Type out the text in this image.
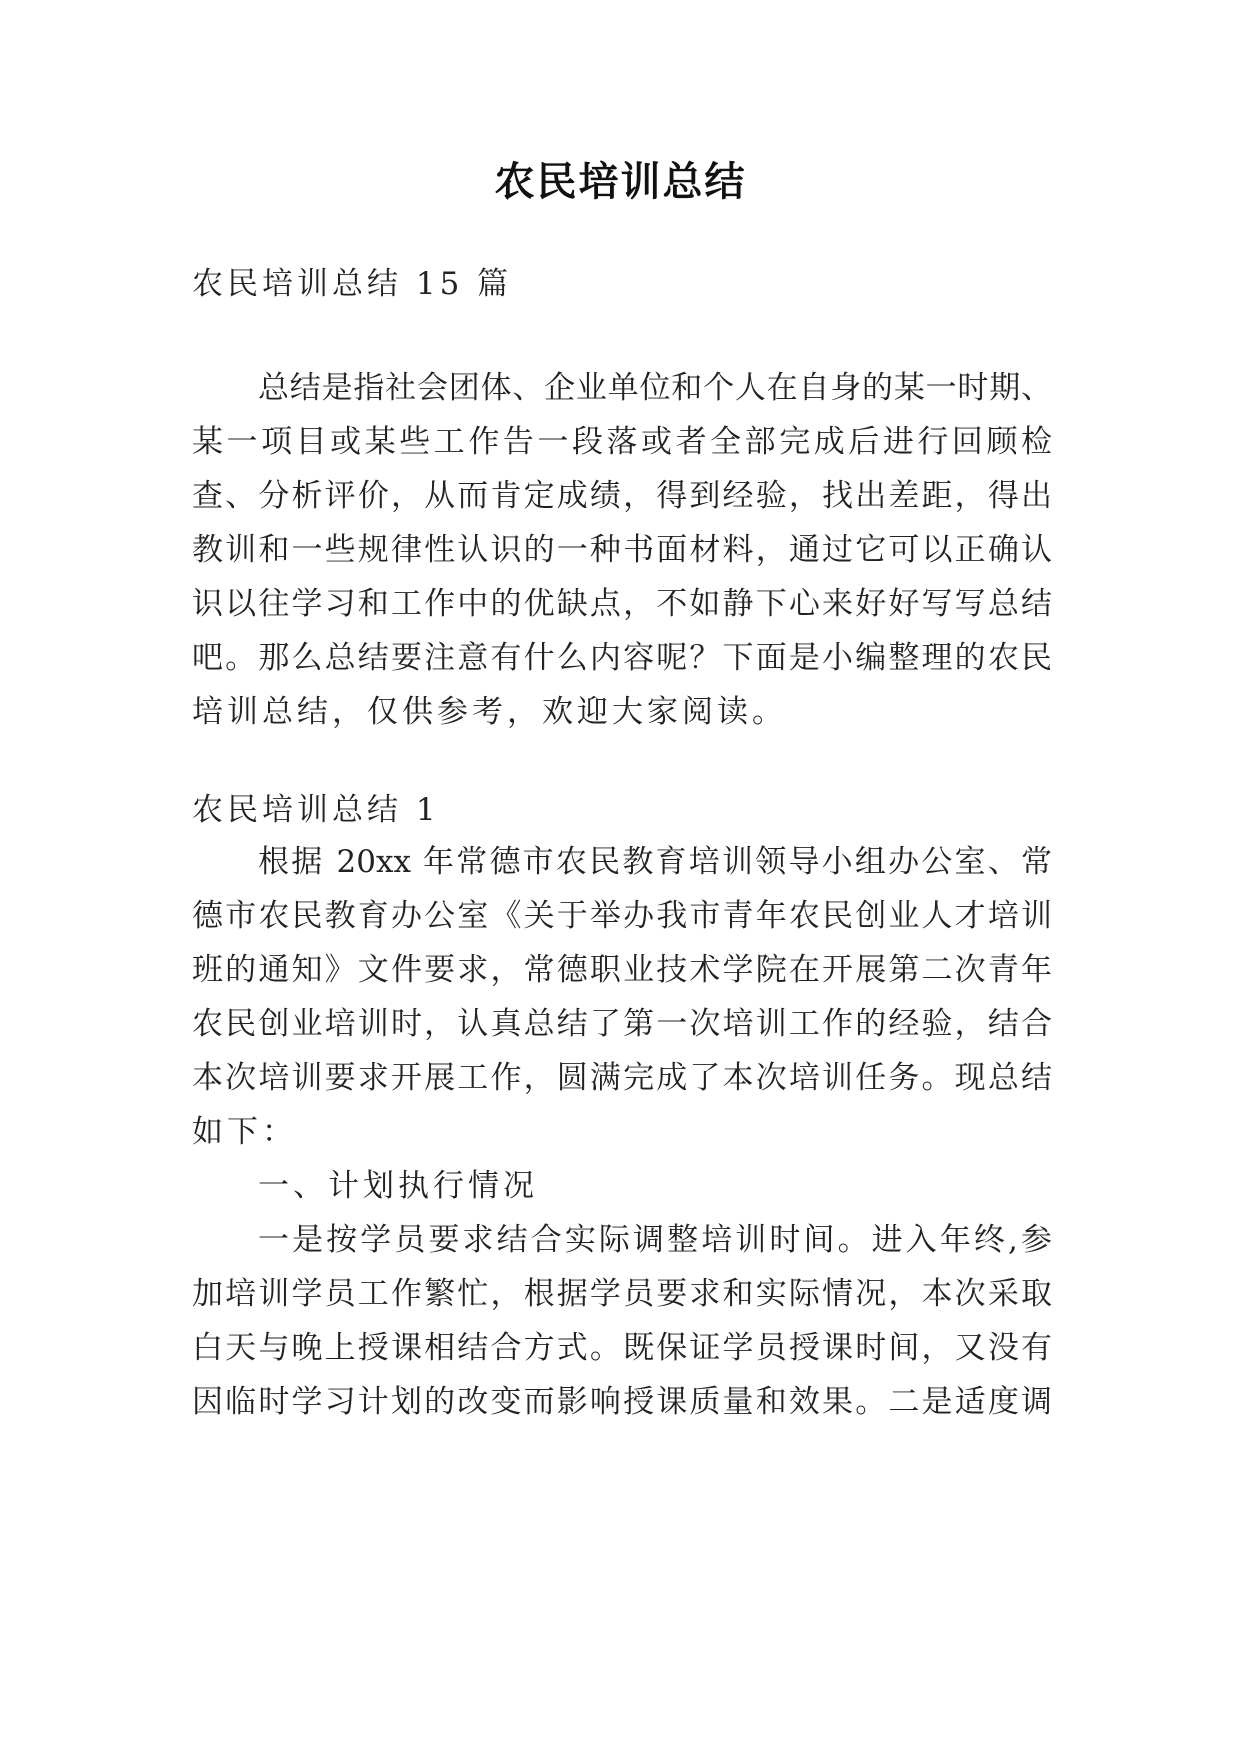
农民培训总结
农民培训总结 15 篇
总结是指社会团体、企业单位和个人在自身的某一时期、
某一项目或某些工作告一段落或者全部完成后进行回顾检
查、分析评价，从而肯定成绩，得到经验，找出差距，得出
教训和一些规律性认识的一种书面材料，通过它可以正确认
识以往学习和工作中的优缺点，不如静下心来好好写写总结
吧。那么总结要注意有什么内容呢？下面是小编整理的农民
培训总结，仅供参考，欢迎大家阅读。
农民培训总结 1
根据 20xx 年常德市农民教育培训领导小组办公室、常
德市农民教育办公室《关于举办我市青年农民创业人才培训
班的通知》文件要求，常德职业技术学院在开展第二次青年
农民创业培训时，认真总结了第一次培训工作的经验，结合
本次培训要求开展工作，圆满完成了本次培训任务。现总结
如下：
一、计划执行情况
一是按学员要求结合实际调整培训时间。进入年终,参
加培训学员工作繁忙，根据学员要求和实际情况，本次采取
白天与晚上授课相结合方式。既保证学员授课时间，又没有
因临时学习计划的改变而影响授课质量和效果。二是适度调
